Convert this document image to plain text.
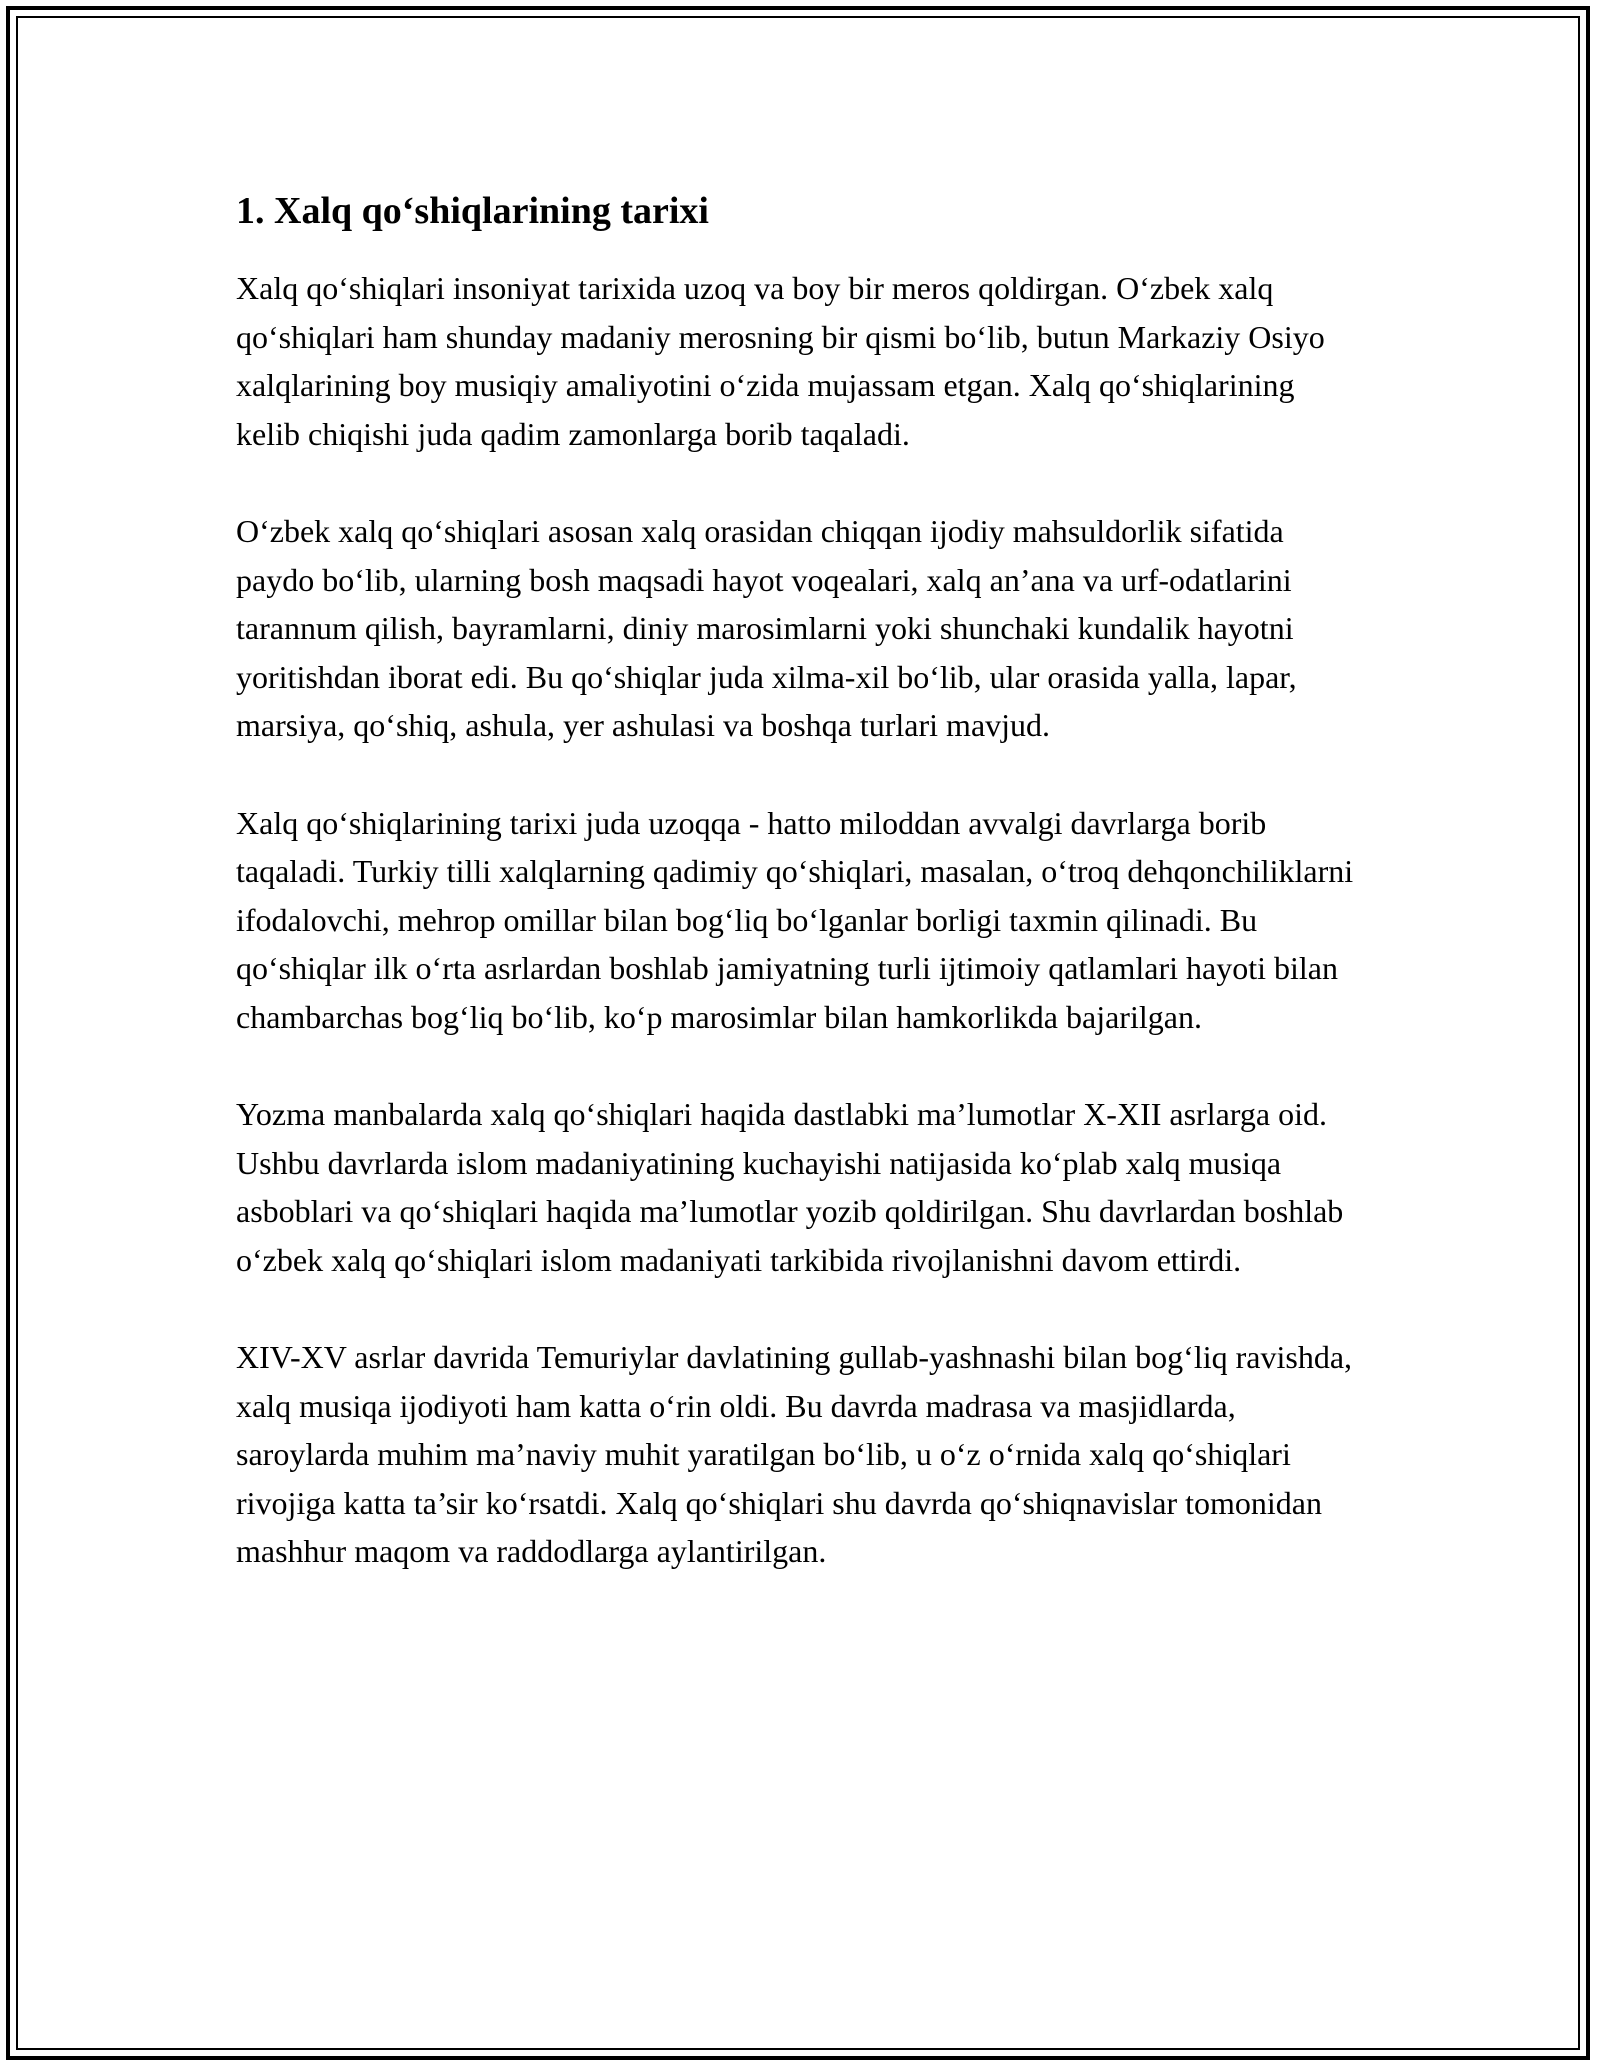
1. Xalq qo‘shiqlarining tarixi

Xalq qo‘shiqlari insoniyat tarixida uzoq va boy bir meros qoldirgan. O‘zbek xalq qo‘shiqlari ham shunday madaniy merosning bir qismi bo‘lib, butun Markaziy Osiyo xalqlarining boy musiqiy amaliyotini o‘zida mujassam etgan. Xalq qo‘shiqlarining kelib chiqishi juda qadim zamonlarga borib taqaladi.

O‘zbek xalq qo‘shiqlari asosan xalq orasidan chiqqan ijodiy mahsuldorlik sifatida paydo bo‘lib, ularning bosh maqsadi hayot voqealari, xalq an’ana va urf-odatlarini tarannum qilish, bayramlarni, diniy marosimlarni yoki shunchaki kundalik hayotni yoritishdan iborat edi. Bu qo‘shiqlar juda xilma-xil bo‘lib, ular orasida yalla, lapar, marsiya, qo‘shiq, ashula, yer ashulasi va boshqa turlari mavjud.

Xalq qo‘shiqlarining tarixi juda uzoqqa - hatto miloddan avvalgi davrlarga borib taqaladi. Turkiy tilli xalqlarning qadimiy qo‘shiqlari, masalan, o‘troq dehqonchiliklarni ifodalovchi, mehrop omillar bilan bog‘liq bo‘lganlar borligi taxmin qilinadi. Bu qo‘shiqlar ilk o‘rta asrlardan boshlab jamiyatning turli ijtimoiy qatlamlari hayoti bilan chambarchas bog‘liq bo‘lib, ko‘p marosimlar bilan hamkorlikda bajarilgan.

Yozma manbalarda xalq qo‘shiqlari haqida dastlabki ma’lumotlar X-XII asrlarga oid. Ushbu davrlarda islom madaniyatining kuchayishi natijasida ko‘plab xalq musiqa asboblari va qo‘shiqlari haqida ma’lumotlar yozib qoldirilgan. Shu davrlardan boshlab o‘zbek xalq qo‘shiqlari islom madaniyati tarkibida rivojlanishni davom ettirdi.

XIV-XV asrlar davrida Temuriylar davlatining gullab-yashnashi bilan bog‘liq ravishda, xalq musiqa ijodiyoti ham katta o‘rin oldi. Bu davrda madrasa va masjidlarda, saroylarda muhim ma’naviy muhit yaratilgan bo‘lib, u o‘z o‘rnida xalq qo‘shiqlari rivojiga katta ta’sir ko‘rsatdi. Xalq qo‘shiqlari shu davrda qo‘shiqnavislar tomonidan mashhur maqom va raddodlarga aylantirilgan.
